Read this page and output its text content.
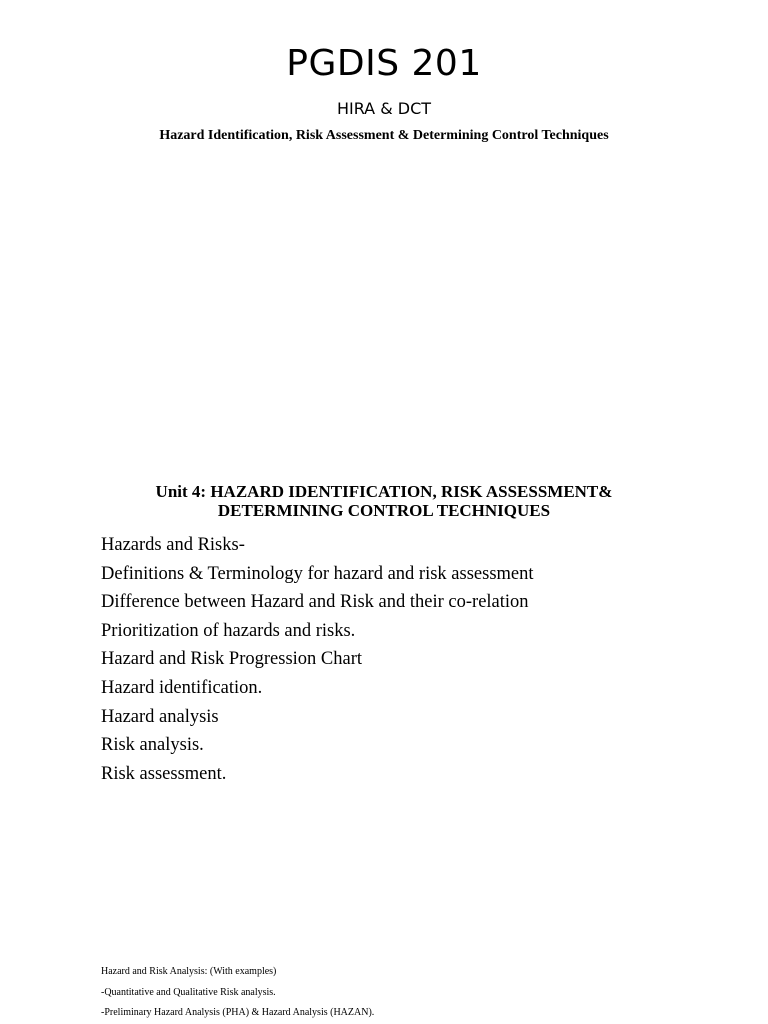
PGDIS 201
HIRA & DCT
Hazard Identification, Risk Assessment & Determining Control Techniques
Unit 4: HAZARD IDENTIFICATION, RISK ASSESSMENT&
DETERMINING CONTROL TECHNIQUES
Hazards and Risks-
Definitions & Terminology for hazard and risk assessment
Difference between Hazard and Risk and their co-relation
Prioritization of hazards and risks.
Hazard and Risk Progression Chart
Hazard identification.
Hazard analysis
Risk analysis.
Risk assessment.
Hazard and Risk Analysis: (With examples)
-Quantitative and Qualitative Risk analysis.
-Preliminary Hazard Analysis (PHA) & Hazard Analysis (HAZAN).
